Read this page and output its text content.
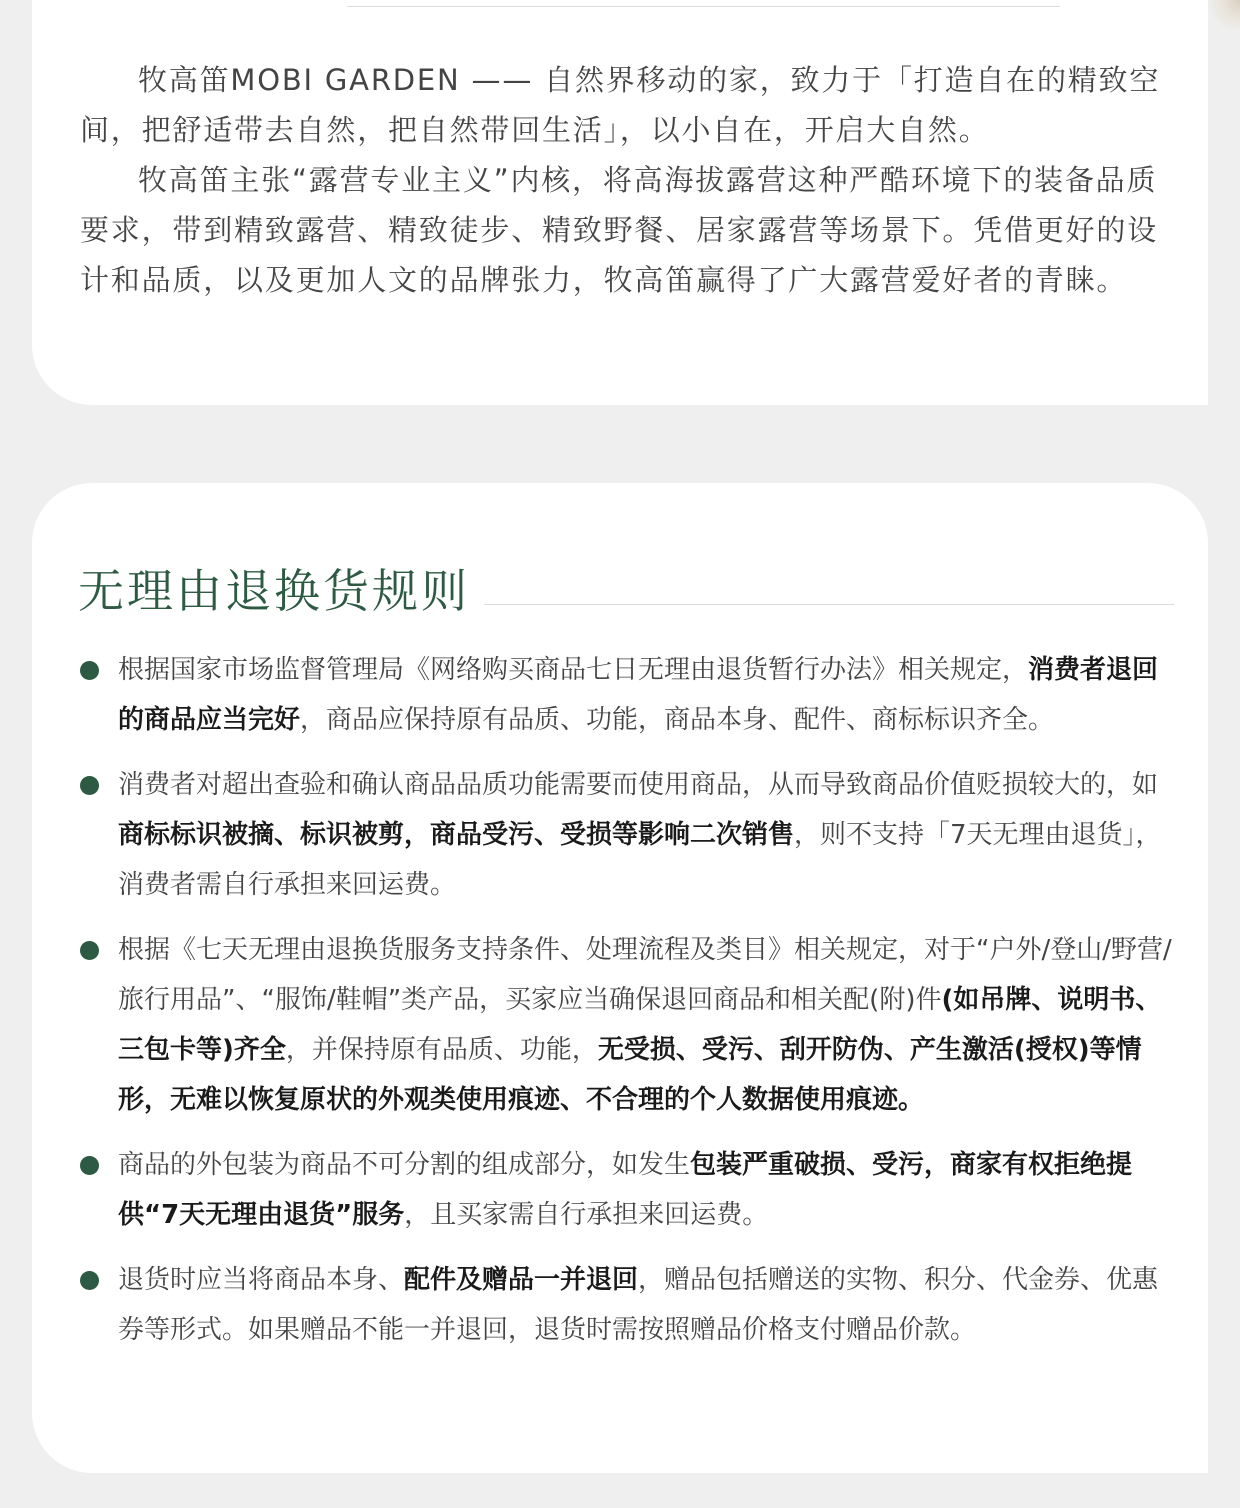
牧高笛MOBI GARDEN —— 自然界移动的家，致力于「打造自在的精致空间，把舒适带去自然，把自然带回生活」，以小自在，开启大自然。

牧高笛主张“露营专业主义”内核，将高海拔露营这种严酷环境下的装备品质要求，带到精致露营、精致徒步、精致野餐、居家露营等场景下。凭借更好的设计和品质，以及更加人文的品牌张力，牧高笛赢得了广大露营爱好者的青睐。

无理由退换货规则
根据国家市场监督管理局《网络购买商品七日无理由退货暂行办法》相关规定，消费者退回的商品应当完好，商品应保持原有品质、功能，商品本身、配件、商标标识齐全。
消费者对超出查验和确认商品品质功能需要而使用商品，从而导致商品价值贬损较大的，如商标标识被摘、标识被剪，商品受污、受损等影响二次销售，则不支持「7天无理由退货」，消费者需自行承担来回运费。
根据《七天无理由退换货服务支持条件、处理流程及类目》相关规定，对于“户外/登山/野营/旅行用品”、“服饰/鞋帽”类产品，买家应当确保退回商品和相关配(附)件(如吊牌、说明书、三包卡等)齐全，并保持原有品质、功能，无受损、受污、刮开防伪、产生激活(授权)等情形，无难以恢复原状的外观类使用痕迹、不合理的个人数据使用痕迹。
商品的外包装为商品不可分割的组成部分，如发生包装严重破损、受污，商家有权拒绝提供“7天无理由退货”服务，且买家需自行承担来回运费。
退货时应当将商品本身、配件及赠品一并退回，赠品包括赠送的实物、积分、代金券、优惠券等形式。如果赠品不能一并退回，退货时需按照赠品价格支付赠品价款。
